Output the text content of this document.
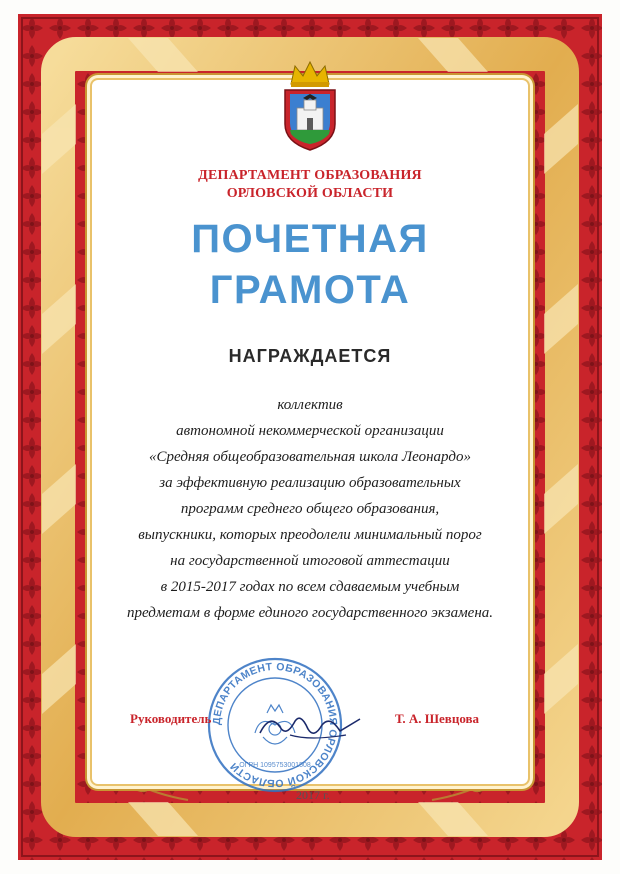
ДЕПАРТАМЕНТ ОБРАЗОВАНИЯ
ОРЛОВСКОЙ ОБЛАСТИ
ПОЧЕТНАЯ
ГРАМОТА
НАГРАЖДАЕТСЯ
коллектив
автономной некоммерческой организации
«Средняя общеобразовательная школа Леонардо»
за эффективную реализацию образовательных
программ среднего общего образования,
выпускники, которых преодолели минимальный порог
на государственной итоговой аттестации
в 2015-2017 годах по всем сдаваемым учебным
предметам в форме единого государственного экзамена.
ДЕПАРТАМЕНТ ОБРАЗОВАНИЯ ОРЛОВСКОЙ ОБЛАСТИ
ОГРН 1095753001508
Руководитель	Т. А. Шевцова
2017 г.
